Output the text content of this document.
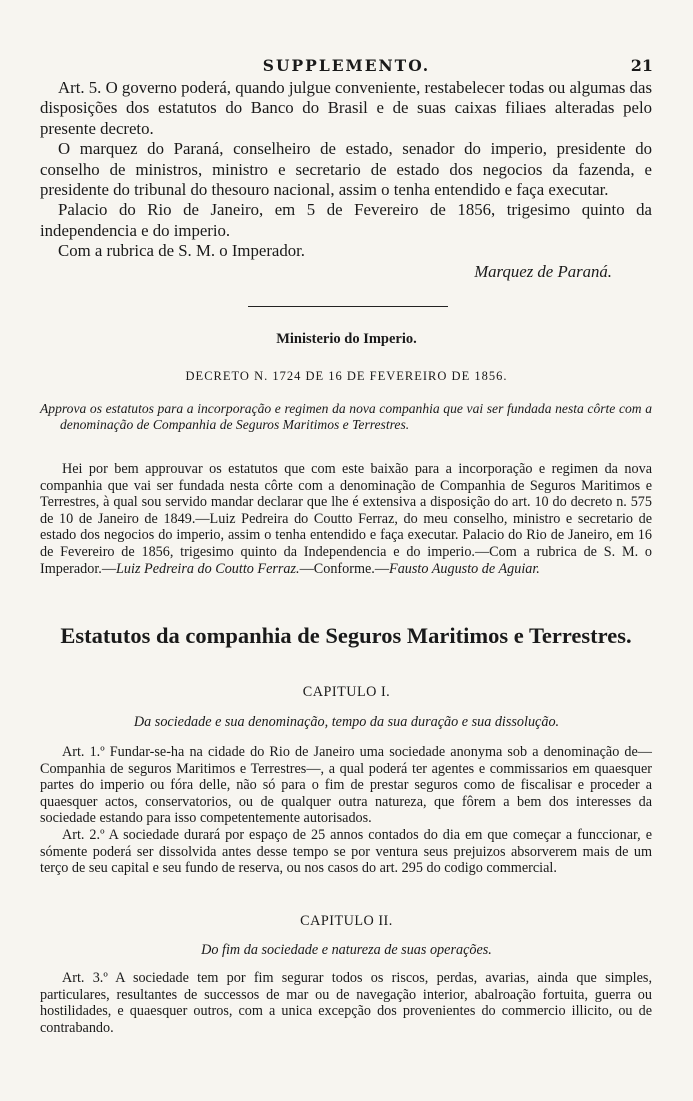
SUPPLEMENTO.	21

Art. 5. O governo poderá, quando julgue conveniente, restabelecer todas ou algumas das disposições dos estatutos do Banco do Brasil e de suas caixas filiaes alteradas pelo presente decreto.

O marquez do Paraná, conselheiro de estado, senador do imperio, presidente do conselho de ministros, ministro e secretario de estado dos negocios da fazenda, e presidente do tribunal do thesouro nacional, assim o tenha entendido e faça executar.

Palacio do Rio de Janeiro, em 5 de Fevereiro de 1856, trigesimo quinto da independencia e do imperio.

Com a rubrica de S. M. o Imperador.

Marquez de Paraná.

Ministerio do Imperio.
DECRETO N. 1724 DE 16 DE FEVEREIRO DE 1856.

Approva os estatutos para a incorporação e regimen da nova companhia que vai ser fundada nesta côrte com a denominação de Companhia de Seguros Maritimos e Terrestres.

Hei por bem approuvar os estatutos que com este baixão para a incorporação e regimen da nova companhia que vai ser fundada nesta côrte com a denominação de Companhia de Seguros Maritimos e Terrestres, à qual sou servido mandar declarar que lhe é extensiva a disposição do art. 10 do decreto n. 575 de 10 de Janeiro de 1849.—Luiz Pedreira do Coutto Ferraz, do meu conselho, ministro e secretario de estado dos negocios do imperio, assim o tenha entendido e faça executar. Palacio do Rio de Janeiro, em 16 de Fevereiro de 1856, trigesimo quinto da Independencia e do imperio.—Com a rubrica de S. M. o Imperador.—Luiz Pedreira do Coutto Ferraz.—Conforme.—Fausto Augusto de Aguiar.

Estatutos da companhia de Seguros Maritimos e Terrestres.
CAPITULO I.
Da sociedade e sua denominação, tempo da sua duração e sua dissolução.

Art. 1.º Fundar-se-ha na cidade do Rio de Janeiro uma sociedade anonyma sob a denominação de—Companhia de seguros Maritimos e Terrestres—, a qual poderá ter agentes e commissarios em quaesquer partes do imperio ou fóra delle, não só para o fim de prestar seguros como de fiscalisar e proceder a quaesquer actos, conservatorios, ou de qualquer outra natureza, que fôrem a bem dos interesses da sociedade estando para isso competentemente autorisados.

Art. 2.º A sociedade durará por espaço de 25 annos contados do dia em que começar a funccionar, e sómente poderá ser dissolvida antes desse tempo se por ventura seus prejuizos absorverem mais de um terço de seu capital e seu fundo de reserva, ou nos casos do art. 295 do codigo commercial.

CAPITULO II.
Do fim da sociedade e natureza de suas operações.

Art. 3.º A sociedade tem por fim segurar todos os riscos, perdas, avarias, ainda que simples, particulares, resultantes de successos de mar ou de navegação interior, abalroação fortuita, guerra ou hostilidades, e quaesquer outros, com a unica excepção dos provenientes do commercio illicito, ou de contrabando.
